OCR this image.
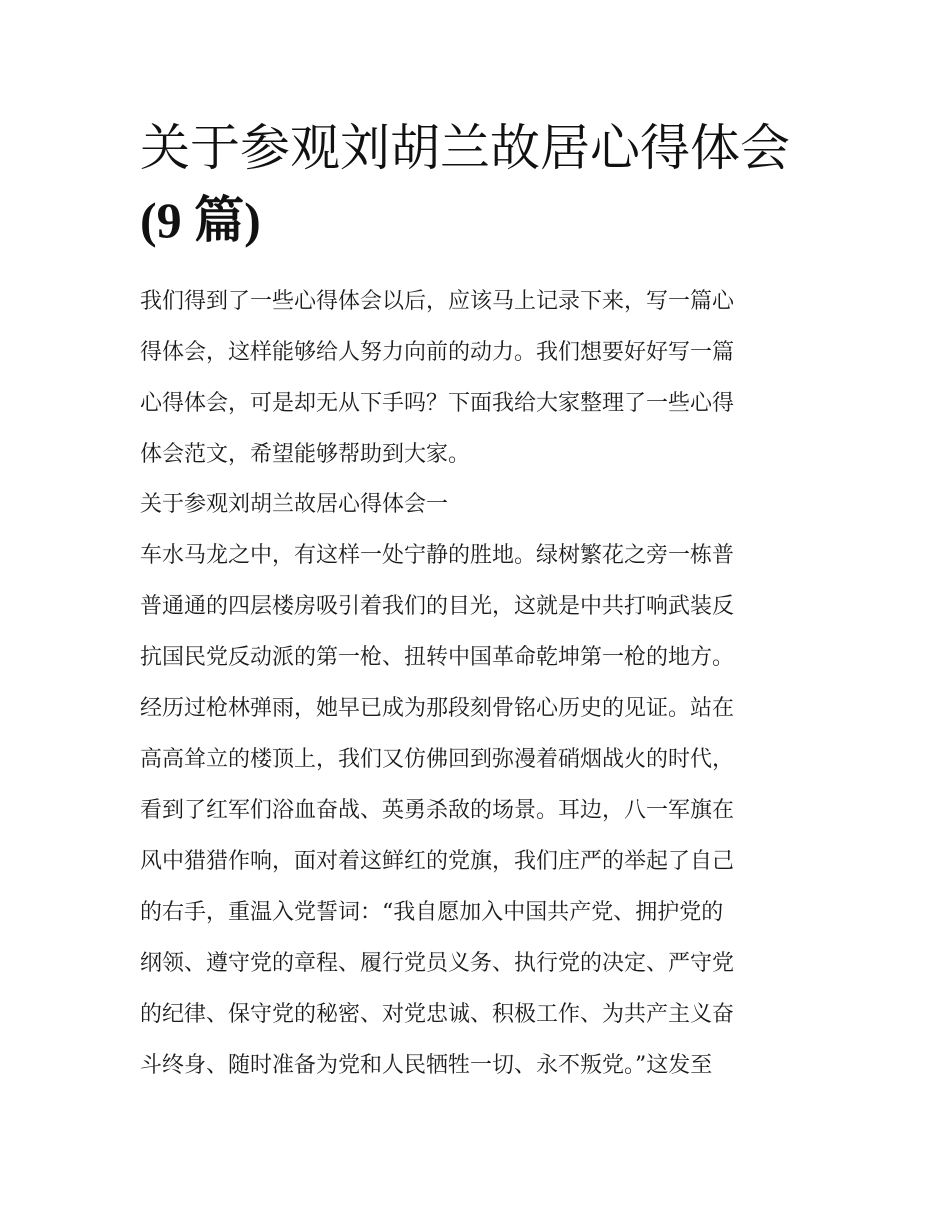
关于参观刘胡兰故居心得体会
(9 篇)
我们得到了一些心得体会以后，应该马上记录下来，写一篇心
得体会，这样能够给人努力向前的动力。我们想要好好写一篇
心得体会，可是却无从下手吗？下面我给大家整理了一些心得
体会范文，希望能够帮助到大家。
关于参观刘胡兰故居心得体会一
车水马龙之中，有这样一处宁静的胜地。绿树繁花之旁一栋普
普通通的四层楼房吸引着我们的目光，这就是中共打响武装反
抗国民党反动派的第一枪、扭转中国革命乾坤第一枪的地方。
经历过枪林弹雨，她早已成为那段刻骨铭心历史的见证。站在
高高耸立的楼顶上，我们又仿佛回到弥漫着硝烟战火的时代，
看到了红军们浴血奋战、英勇杀敌的场景。耳边，八一军旗在
风中猎猎作响，面对着这鲜红的党旗，我们庄严的举起了自己
的右手，重温入党誓词：“我自愿加入中国共产党、拥护党的
纲领、遵守党的章程、履行党员义务、执行党的决定、严守党
的纪律、保守党的秘密、对党忠诚、积极工作、为共产主义奋
斗终身、随时准备为党和人民牺牲一切、永不叛党。”这发至
